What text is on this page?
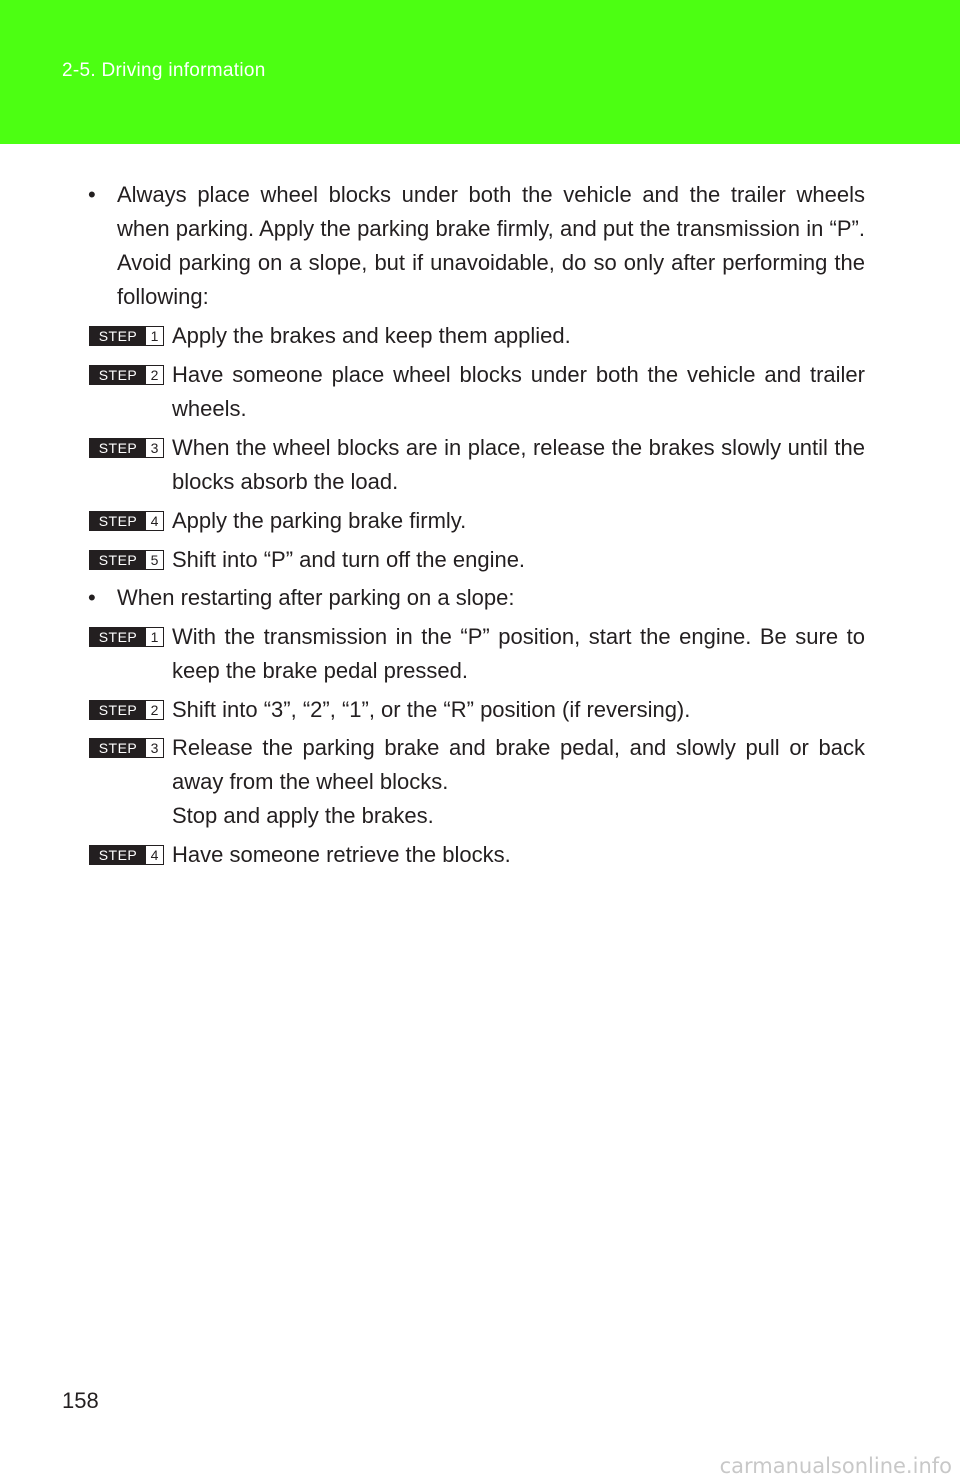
2-5. Driving information
• Always place wheel blocks under both the vehicle and the trailer wheels when parking. Apply the parking brake firmly, and put the transmission in “P”. Avoid parking on a slope, but if unavoidable, do so only after performing the following:
STEP 1 Apply the brakes and keep them applied.
STEP 2 Have someone place wheel blocks under both the vehicle and trailer wheels.
STEP 3 When the wheel blocks are in place, release the brakes slowly until the blocks absorb the load.
STEP 4 Apply the parking brake firmly.
STEP 5 Shift into “P” and turn off the engine.
• When restarting after parking on a slope:
STEP 1 With the transmission in the “P” position, start the engine. Be sure to keep the brake pedal pressed.
STEP 2 Shift into “3”, “2”, “1”, or the “R” position (if reversing).
STEP 3 Release the parking brake and brake pedal, and slowly pull or back away from the wheel blocks.
Stop and apply the brakes.
STEP 4 Have someone retrieve the blocks.
158
carmanualsonline.info
